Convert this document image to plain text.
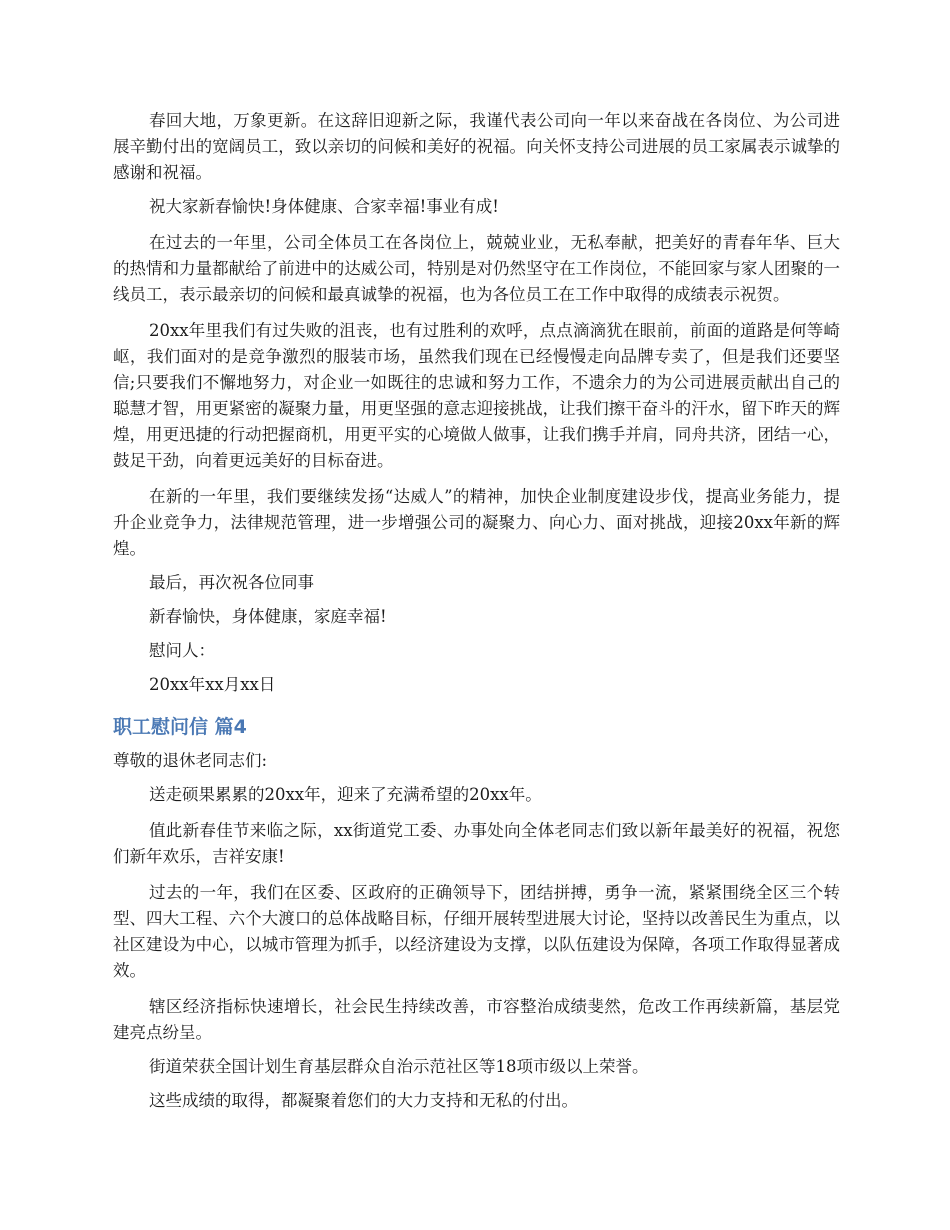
春回大地，万象更新。在这辞旧迎新之际，我谨代表公司向一年以来奋战在各岗位、为公司进展辛勤付出的宽阔员工，致以亲切的问候和美好的祝福。向关怀支持公司进展的员工家属表示诚挚的感谢和祝福。

祝大家新春愉快!身体健康、合家幸福!事业有成!

在过去的一年里，公司全体员工在各岗位上，兢兢业业，无私奉献，把美好的青春年华、巨大的热情和力量都献给了前进中的达威公司，特别是对仍然坚守在工作岗位，不能回家与家人团聚的一线员工，表示最亲切的问候和最真诚挚的祝福，也为各位员工在工作中取得的成绩表示祝贺。

20xx年里我们有过失败的沮丧，也有过胜利的欢呼，点点滴滴犹在眼前，前面的道路是何等崎岖，我们面对的是竞争激烈的服装市场，虽然我们现在已经慢慢走向品牌专卖了，但是我们还要坚信;只要我们不懈地努力，对企业一如既往的忠诚和努力工作，不遗余力的为公司进展贡献出自己的聪慧才智，用更紧密的凝聚力量，用更坚强的意志迎接挑战，让我们擦干奋斗的汗水，留下昨天的辉煌，用更迅捷的行动把握商机，用更平实的心境做人做事，让我们携手并肩，同舟共济，团结一心，鼓足干劲，向着更远美好的目标奋进。

在新的一年里，我们要继续发扬“达威人”的精神，加快企业制度建设步伐，提高业务能力，提升企业竞争力，法律规范管理，进一步增强公司的凝聚力、向心力、面对挑战，迎接20xx年新的辉煌。

最后，再次祝各位同事

新春愉快，身体健康，家庭幸福!

慰问人：

20xx年xx月xx日

职工慰问信 篇4

尊敬的退休老同志们:

送走硕果累累的20xx年，迎来了充满希望的20xx年。

值此新春佳节来临之际，xx街道党工委、办事处向全体老同志们致以新年最美好的祝福，祝您们新年欢乐，吉祥安康!

过去的一年，我们在区委、区政府的正确领导下，团结拼搏，勇争一流，紧紧围绕全区三个转型、四大工程、六个大渡口的总体战略目标，仔细开展转型进展大讨论，坚持以改善民生为重点，以社区建设为中心，以城市管理为抓手，以经济建设为支撑，以队伍建设为保障，各项工作取得显著成效。

辖区经济指标快速增长，社会民生持续改善，市容整治成绩斐然，危改工作再续新篇，基层党建亮点纷呈。

街道荣获全国计划生育基层群众自治示范社区等18项市级以上荣誉。

这些成绩的取得，都凝聚着您们的大力支持和无私的付出。
